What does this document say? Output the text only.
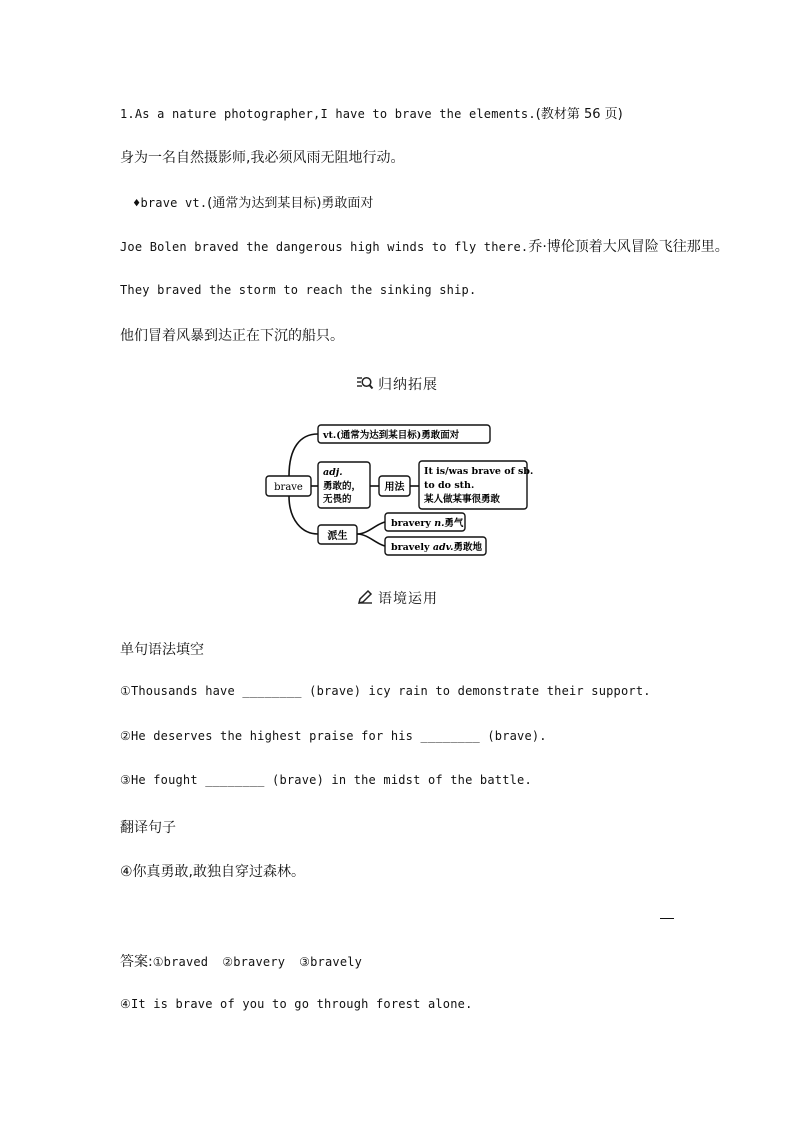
1.As a nature photographer,I have to brave the elements.(教材第 56 页)
身为一名自然摄影师,我必须风雨无阻地行动。
♦brave vt.(通常为达到某目标)勇敢面对
Joe Bolen braved the dangerous high winds to fly there.乔·博伦顶着大风冒险飞往那里。
They braved the storm to reach the sinking ship.
他们冒着风暴到达正在下沉的船只。
归纳拓展
brave
vt.(通常为达到某目标)勇敢面对
adj.
勇敢的，
无畏的
用法
It is/was brave of sb.
to do sth.
某人做某事很勇敢
派生
bravery n.勇气
bravely adv.勇敢地
语境运用
单句语法填空
①Thousands have ________ (brave) icy rain to demonstrate their support.
②He deserves the highest praise for his ________ (brave).
③He fought ________ (brave) in the midst of the battle.
翻译句子
④你真勇敢,敢独自穿过森林。
答案:①braved ②bravery ③bravely
④It is brave of you to go through forest alone.
